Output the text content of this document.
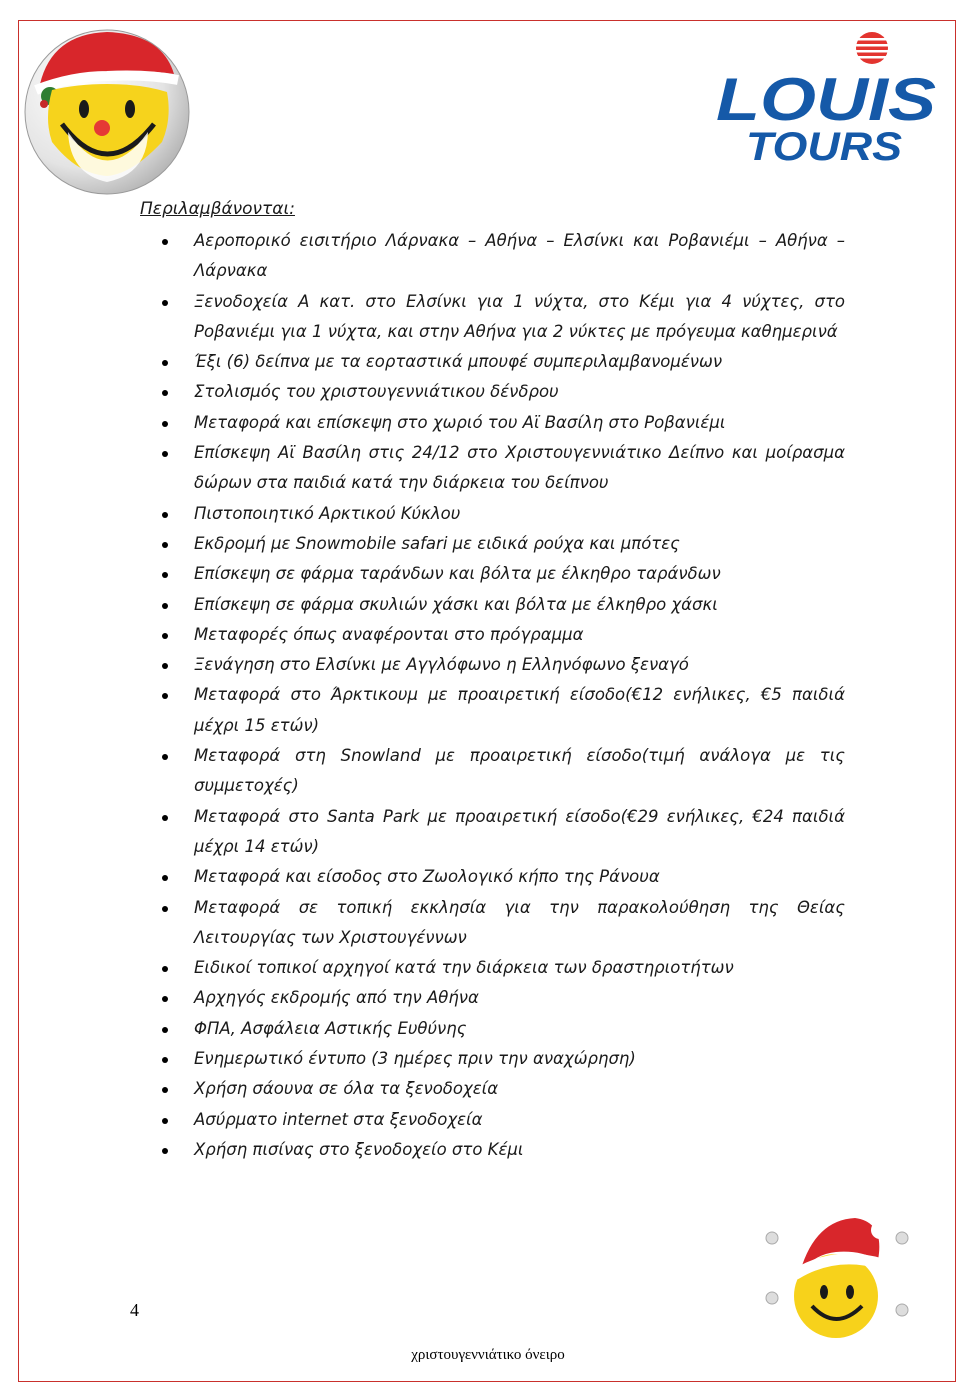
LOUIS
TOURS
Περιλαμβάνονται:
Αεροπορικό εισιτήριο Λάρνακα – Αθήνα – Ελσίνκι και Ροβανιέμι – Αθήνα – Λάρνακα
Ξενοδοχεία Α κατ. στο Ελσίνκι για 1 νύχτα, στο Κέμι για 4 νύχτες, στο Ροβανιέμι για 1 νύχτα, και στην Αθήνα για 2 νύκτες με πρόγευμα καθημερινά
Έξι (6) δείπνα με τα εορταστικά μπουφέ συμπεριλαμβανομένων
Στολισμός του χριστουγεννιάτικου δένδρου
Μεταφορά και επίσκεψη στο χωριό του Αϊ Βασίλη στο Ροβανιέμι
Επίσκεψη Αϊ Βασίλη στις 24/12 στο Χριστουγεννιάτικο Δείπνο και μοίρασμα δώρων στα παιδιά κατά την διάρκεια του δείπνου
Πιστοποιητικό Αρκτικού Κύκλου
Εκδρομή με Snowmobile safari με ειδικά ρούχα και μπότες
Επίσκεψη σε φάρμα ταράνδων και βόλτα με έλκηθρο ταράνδων
Επίσκεψη σε φάρμα σκυλιών χάσκι και βόλτα με έλκηθρο χάσκι
Μεταφορές όπως αναφέρονται στο πρόγραμμα
Ξενάγηση στο Ελσίνκι με Αγγλόφωνο η Ελληνόφωνο ξεναγό
Μεταφορά στο Άρκτικουμ με προαιρετική είσοδο(€12 ενήλικες, €5 παιδιά μέχρι 15 ετών)
Μεταφορά στη Snowland με προαιρετική είσοδο(τιμή ανάλογα με τις συμμετοχές)
Μεταφορά στο Santa Park με προαιρετική είσοδο(€29 ενήλικες, €24 παιδιά μέχρι 14 ετών)
Μεταφορά και είσοδος στο Ζωολογικό κήπο της Ράνουα
Μεταφορά σε τοπική εκκλησία για την παρακολούθηση της Θείας Λειτουργίας των Χριστουγέννων
Ειδικοί τοπικοί αρχηγοί κατά την διάρκεια των δραστηριοτήτων
Αρχηγός εκδρομής από την Αθήνα
ΦΠΑ, Ασφάλεια Αστικής Ευθύνης
Ενημερωτικό έντυπο (3 ημέρες πριν την αναχώρηση)
Χρήση σάουνα σε όλα τα ξενοδοχεία
Ασύρματο internet στα ξενοδοχεία
Χρήση πισίνας στο ξενοδοχείο στο Κέμι
4
χριστουγεννιάτικο όνειρο
